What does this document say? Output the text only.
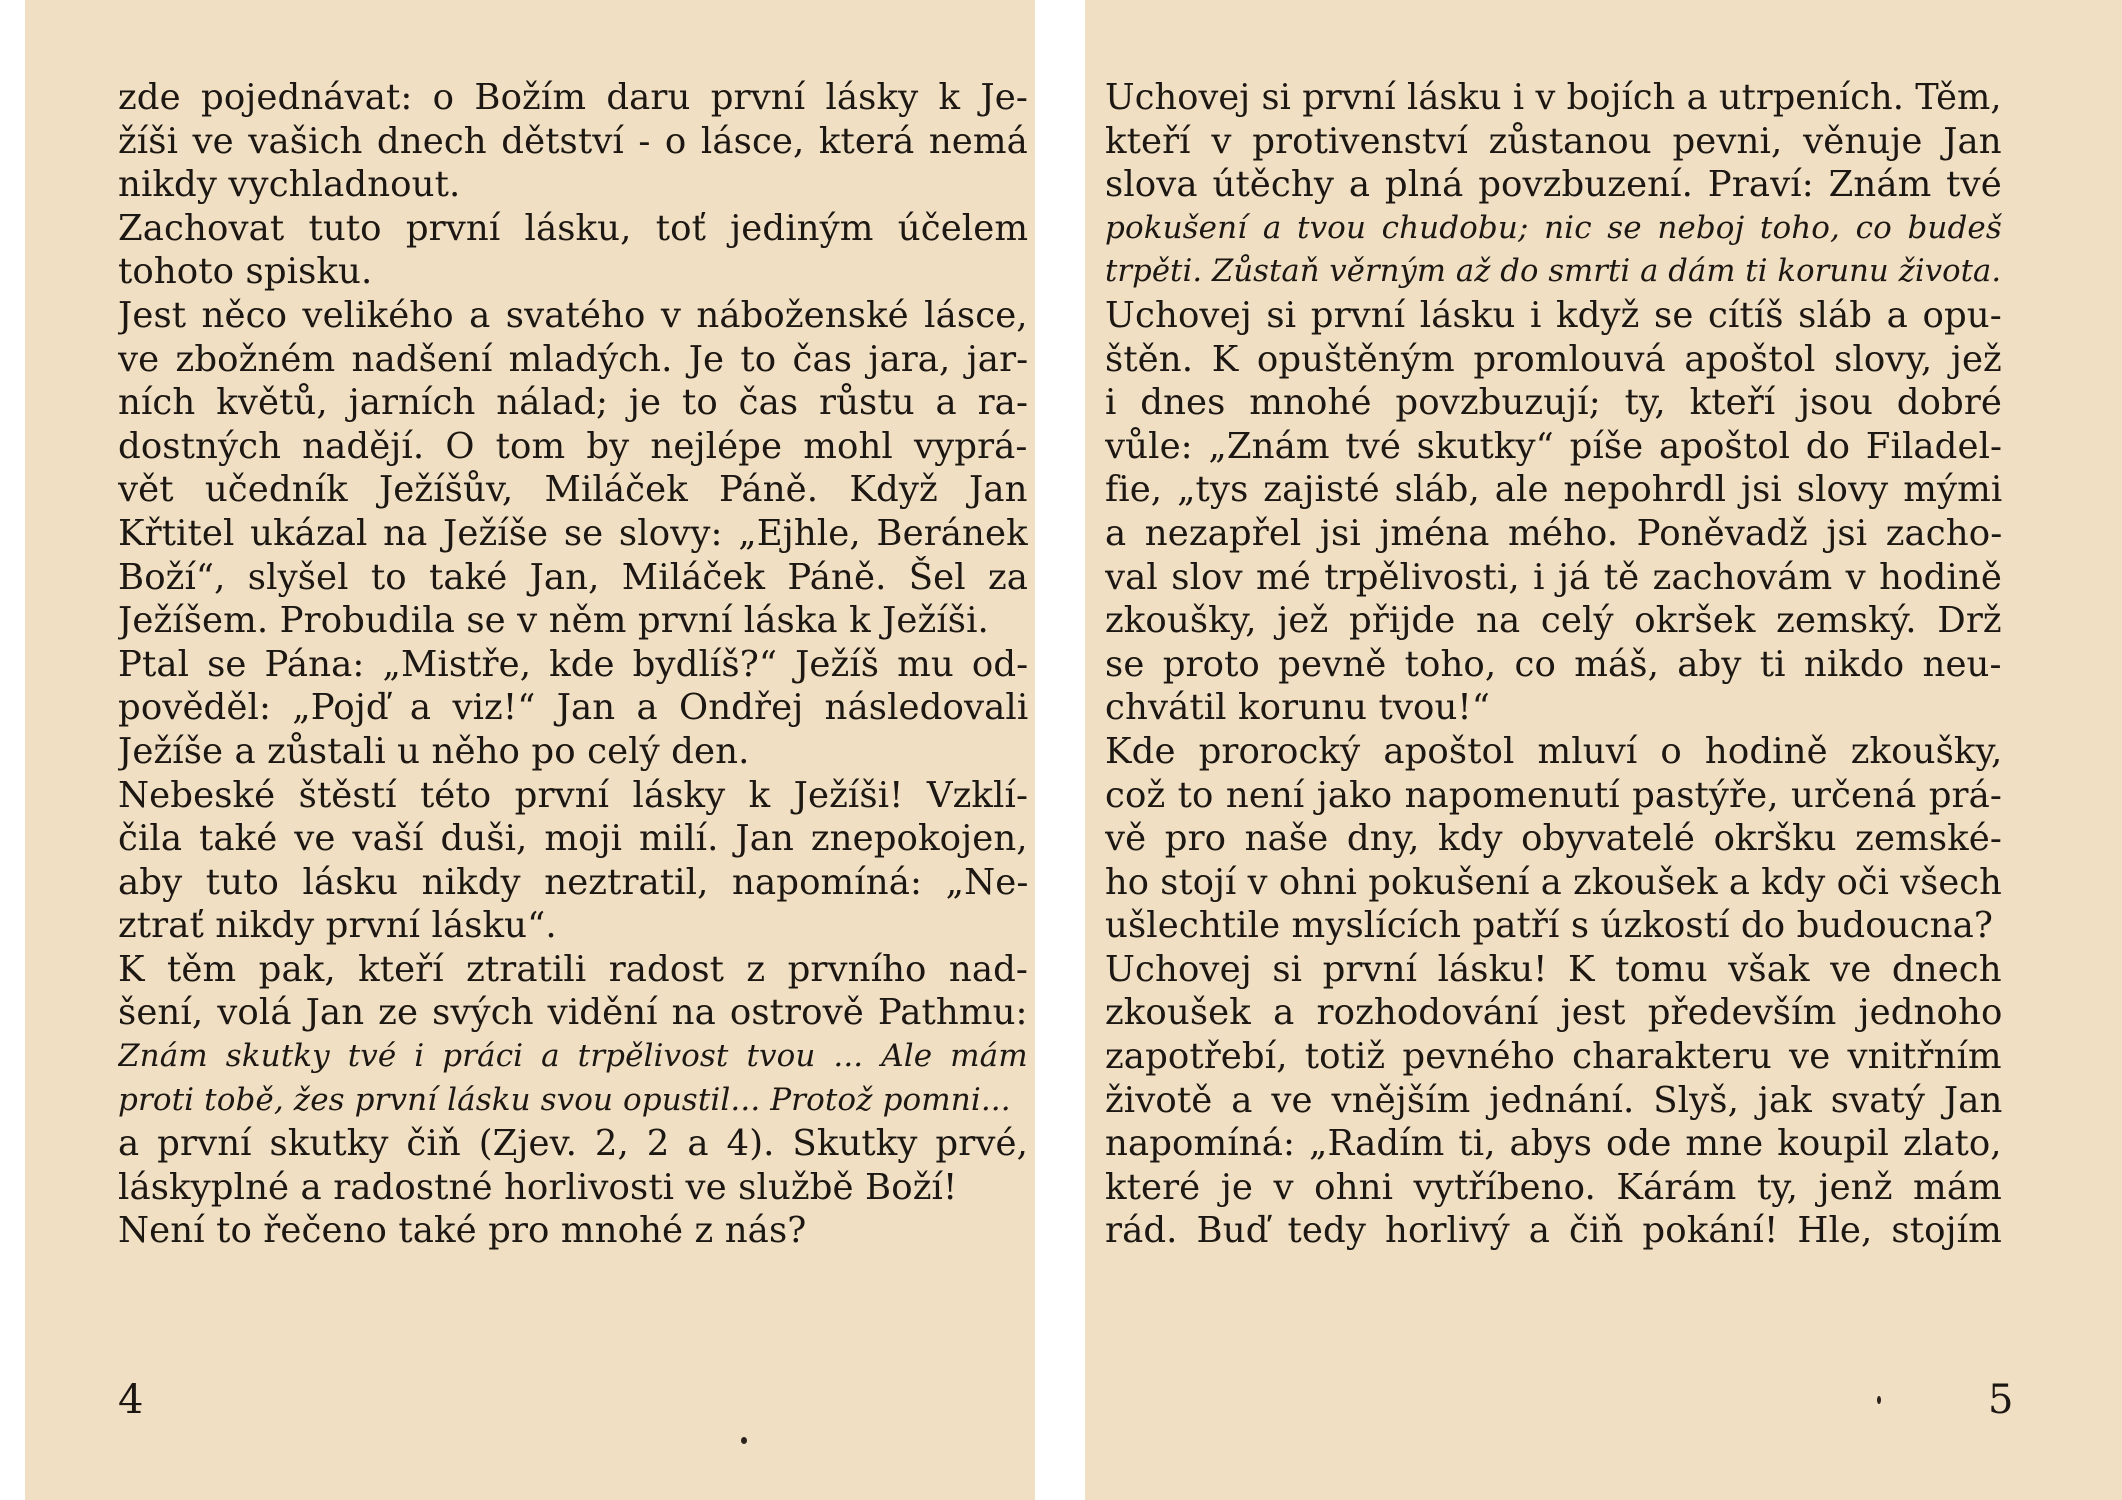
zde pojednávat: o Božím daru první lásky k Je-
žíši ve vašich dnech dětství - o lásce, která nemá
nikdy vychladnout.
Zachovat tuto první lásku, toť jediným účelem
tohoto spisku.
Jest něco velikého a svatého v náboženské lásce,
ve zbožném nadšení mladých. Je to čas jara, jar-
ních květů, jarních nálad; je to čas růstu a ra-
dostných nadějí. O tom by nejlépe mohl vyprá-
vět učedník Ježíšův, Miláček Páně. Když Jan
Křtitel ukázal na Ježíše se slovy: „Ejhle, Beránek
Boží“, slyšel to také Jan, Miláček Páně. Šel za
Ježíšem. Probudila se v něm první láska k Ježíši.
Ptal se Pána: „Mistře, kde bydlíš?“ Ježíš mu od-
pověděl: „Pojď a viz!“ Jan a Ondřej následovali
Ježíše a zůstali u něho po celý den.
Nebeské štěstí této první lásky k Ježíši! Vzklí-
čila také ve vaší duši, moji milí. Jan znepokojen,
aby tuto lásku nikdy neztratil, napomíná: „Ne-
ztrať nikdy první lásku“.
K těm pak, kteří ztratili radost z prvního nad-
šení, volá Jan ze svých vidění na ostrově Pathmu:
Znám skutky tvé i práci a trpělivost tvou ... Ale mám
proti tobě, žes první lásku svou opustil... Protož pomni...
a první skutky čiň (Zjev. 2, 2 a 4). Skutky prvé,
láskyplné a radostné horlivosti ve službě Boží!
Není to řečeno také pro mnohé z nás?
4
Uchovej si první lásku i v bojích a utrpeních. Těm,
kteří v protivenství zůstanou pevni, věnuje Jan
slova útěchy a plná povzbuzení. Praví: Znám tvé
pokušení a tvou chudobu; nic se neboj toho, co budeš
trpěti. Zůstaň věrným až do smrti a dám ti korunu života.
Uchovej si první lásku i když se cítíš sláb a opu-
štěn. K opuštěným promlouvá apoštol slovy, jež
i dnes mnohé povzbuzují; ty, kteří jsou dobré
vůle: „Znám tvé skutky“ píše apoštol do Filadel-
fie, „tys zajisté sláb, ale nepohrdl jsi slovy mými
a nezapřel jsi jména mého. Poněvadž jsi zacho-
val slov mé trpělivosti, i já tě zachovám v hodině
zkoušky, jež přijde na celý okršek zemský. Drž
se proto pevně toho, co máš, aby ti nikdo neu-
chvátil korunu tvou!“
Kde prorocký apoštol mluví o hodině zkoušky,
což to není jako napomenutí pastýře, určená prá-
vě pro naše dny, kdy obyvatelé okršku zemské-
ho stojí v ohni pokušení a zkoušek a kdy oči všech
ušlechtile myslících patří s úzkostí do budoucna?
Uchovej si první lásku! K tomu však ve dnech
zkoušek a rozhodování jest především jednoho
zapotřebí, totiž pevného charakteru ve vnitřním
životě a ve vnějším jednání. Slyš, jak svatý Jan
napomíná: „Radím ti, abys ode mne koupil zlato,
které je v ohni vytříbeno. Kárám ty, jenž mám
rád. Buď tedy horlivý a čiň pokání! Hle, stojím
5
